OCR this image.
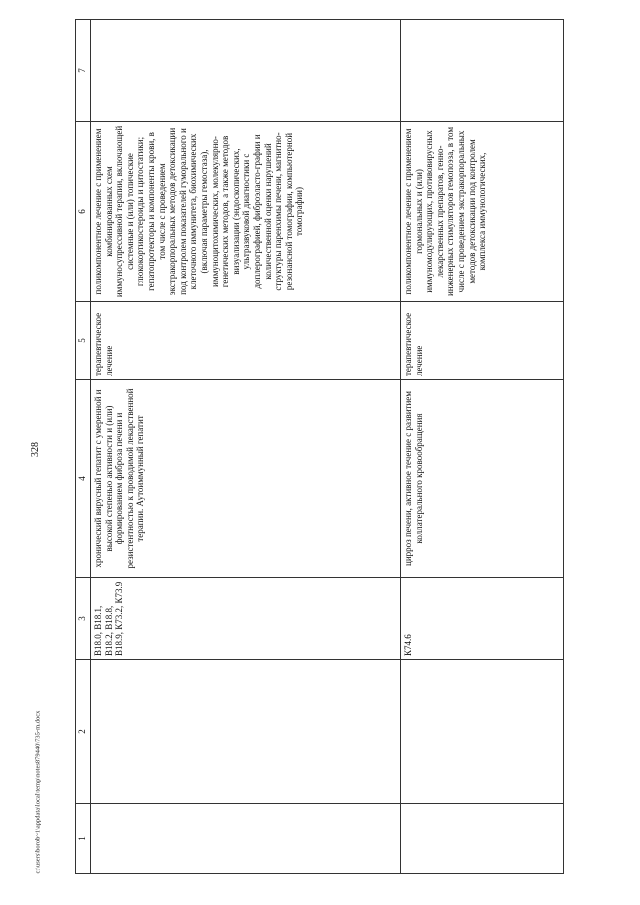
328
1	2	3	4	5	6	7
		В18.0, В18.1, В18.2, В18.8, В18.9, К73.2, К73.9	хронический вирусный гепатит с умеренной и высокой степенью активности и (или) формированием фиброза печени и резистентностью к проводимой лекарственной терапии. Аутоиммунный гепатит	терапевтическое лечение	поликомпонентное лечение с применением комбинированных схем иммуносупрессивной терапии, включающей системные и (или) топические глюкокортикостероиды и цитостатики; гепатопротекторы и компоненты крови, в том числе с проведением экстракорпоральных методов детоксикации под контролем показателей гуморального и клеточного иммунитета, биохимических (включая параметры гемостаза), иммуноцитохимических, молекулярно-генетических методов, а также методов визуализации (эндоскопических, ультразвуковой диагностики с доплерографией, фиброэласто-графии и количественной оценки нарушений структуры паренхимы печени, магнитно-резонансной томографии, компьютерной томографии)	
		К74.6	цирроз печени, активное течение с развитием коллатерального кровообращения	терапевтическое лечение	поликомпонентное лечение с применением гормональных и (или) иммуномодулирующих, противовирусных лекарственных препаратов, генно-инженерных стимуляторов гемопоэза, в том числе с проведением экстракорпоральных методов детоксикации под контролем комплекса иммунологических,	
c:\users\borob~1\appdata\local\temp\notes879440\735-m.docx
